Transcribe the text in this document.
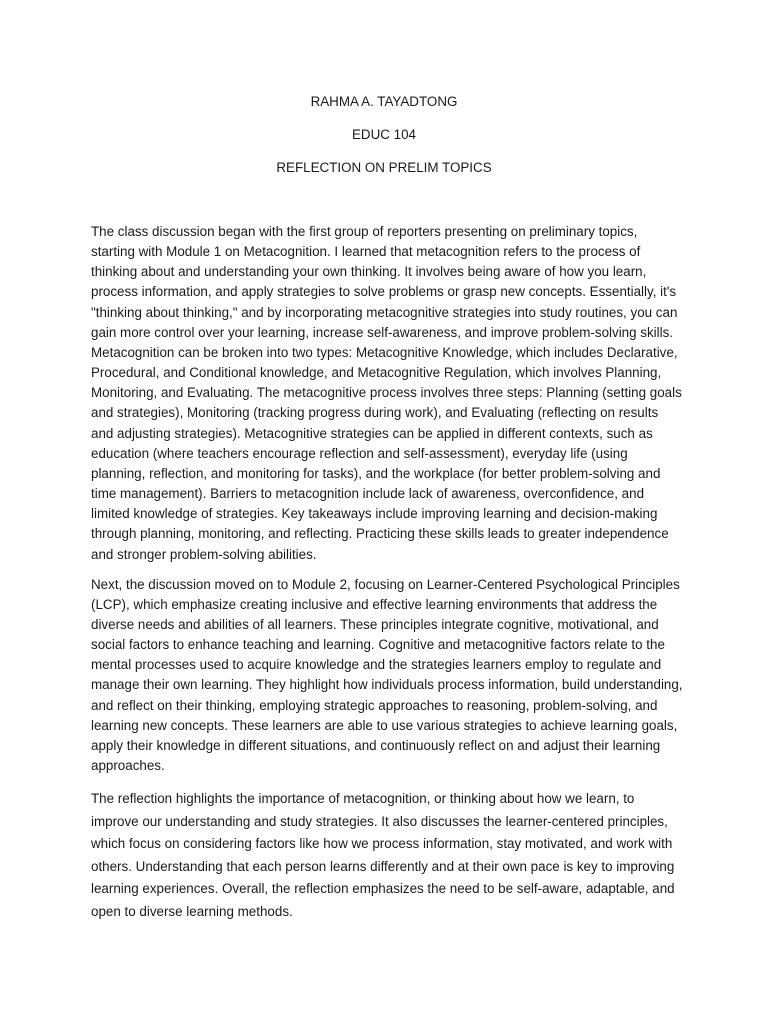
RAHMA A. TAYADTONG
EDUC 104
REFLECTION ON PRELIM TOPICS

The class discussion began with the first group of reporters presenting on preliminary topics, starting with Module 1 on Metacognition. I learned that metacognition refers to the process of thinking about and understanding your own thinking. It involves being aware of how you learn, process information, and apply strategies to solve problems or grasp new concepts. Essentially, it's "thinking about thinking," and by incorporating metacognitive strategies into study routines, you can gain more control over your learning, increase self-awareness, and improve problem-solving skills. Metacognition can be broken into two types: Metacognitive Knowledge, which includes Declarative, Procedural, and Conditional knowledge, and Metacognitive Regulation, which involves Planning, Monitoring, and Evaluating. The metacognitive process involves three steps: Planning (setting goals and strategies), Monitoring (tracking progress during work), and Evaluating (reflecting on results and adjusting strategies). Metacognitive strategies can be applied in different contexts, such as education (where teachers encourage reflection and self-assessment), everyday life (using planning, reflection, and monitoring for tasks), and the workplace (for better problem-solving and time management). Barriers to metacognition include lack of awareness, overconfidence, and limited knowledge of strategies. Key takeaways include improving learning and decision-making through planning, monitoring, and reflecting. Practicing these skills leads to greater independence and stronger problem-solving abilities.

Next, the discussion moved on to Module 2, focusing on Learner-Centered Psychological Principles (LCP), which emphasize creating inclusive and effective learning environments that address the diverse needs and abilities of all learners. These principles integrate cognitive, motivational, and social factors to enhance teaching and learning. Cognitive and metacognitive factors relate to the mental processes used to acquire knowledge and the strategies learners employ to regulate and manage their own learning. They highlight how individuals process information, build understanding, and reflect on their thinking, employing strategic approaches to reasoning, problem-solving, and learning new concepts. These learners are able to use various strategies to achieve learning goals, apply their knowledge in different situations, and continuously reflect on and adjust their learning approaches.

The reflection highlights the importance of metacognition, or thinking about how we learn, to improve our understanding and study strategies. It also discusses the learner-centered principles, which focus on considering factors like how we process information, stay motivated, and work with others. Understanding that each person learns differently and at their own pace is key to improving learning experiences. Overall, the reflection emphasizes the need to be self-aware, adaptable, and open to diverse learning methods.
